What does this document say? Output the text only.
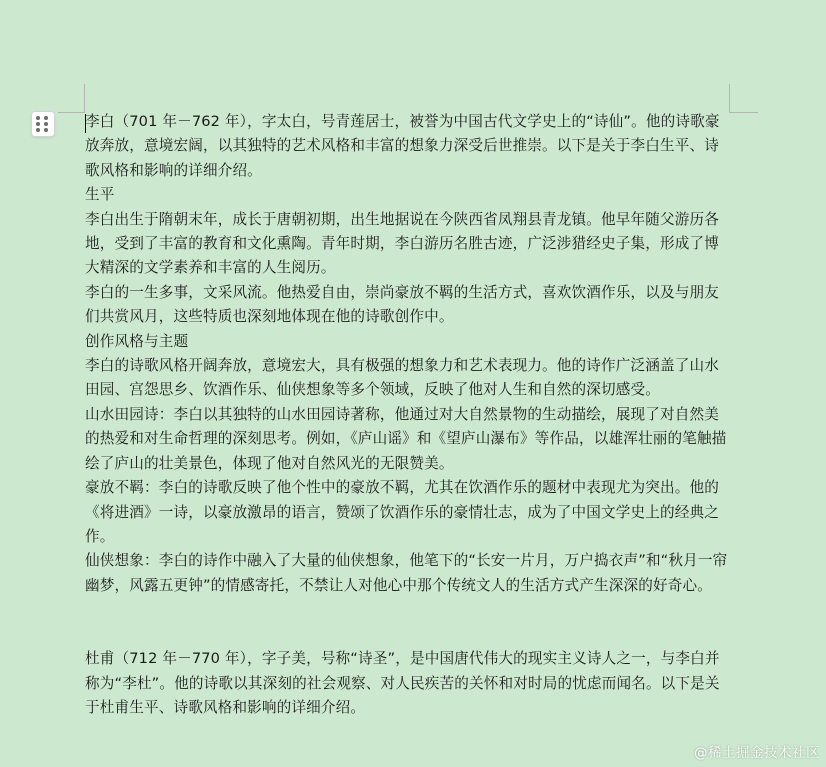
李白（701 年－762 年），字太白，号青莲居士，被誉为中国古代文学史上的“诗仙”。他的诗歌豪放奔放，意境宏阔，以其独特的艺术风格和丰富的想象力深受后世推崇。以下是关于李白生平、诗歌风格和影响的详细介绍。

生平

李白出生于隋朝末年，成长于唐朝初期，出生地据说在今陕西省凤翔县青龙镇。他早年随父游历各地，受到了丰富的教育和文化熏陶。青年时期，李白游历名胜古迹，广泛涉猎经史子集，形成了博大精深的文学素养和丰富的人生阅历。

李白的一生多事，文采风流。他热爱自由，崇尚豪放不羁的生活方式，喜欢饮酒作乐，以及与朋友们共赏风月，这些特质也深刻地体现在他的诗歌创作中。

创作风格与主题

李白的诗歌风格开阔奔放，意境宏大，具有极强的想象力和艺术表现力。他的诗作广泛涵盖了山水田园、宫怨思乡、饮酒作乐、仙侠想象等多个领域，反映了他对人生和自然的深切感受。

山水田园诗：李白以其独特的山水田园诗著称，他通过对大自然景物的生动描绘，展现了对自然美的热爱和对生命哲理的深刻思考。例如，《庐山谣》和《望庐山瀑布》等作品，以雄浑壮丽的笔触描绘了庐山的壮美景色，体现了他对自然风光的无限赞美。

豪放不羁：李白的诗歌反映了他个性中的豪放不羁，尤其在饮酒作乐的题材中表现尤为突出。他的《将进酒》一诗，以豪放激昂的语言，赞颂了饮酒作乐的豪情壮志，成为了中国文学史上的经典之作。

仙侠想象：李白的诗作中融入了大量的仙侠想象，他笔下的“长安一片月，万户捣衣声”和“秋月一帘幽梦，风露五更钟”的情感寄托，不禁让人对他心中那个传统文人的生活方式产生深深的好奇心。

杜甫（712 年－770 年），字子美，号称“诗圣”，是中国唐代伟大的现实主义诗人之一，与李白并称为“李杜”。他的诗歌以其深刻的社会观察、对人民疾苦的关怀和对时局的忧虑而闻名。以下是关于杜甫生平、诗歌风格和影响的详细介绍。

@稀土掘金技术社区
